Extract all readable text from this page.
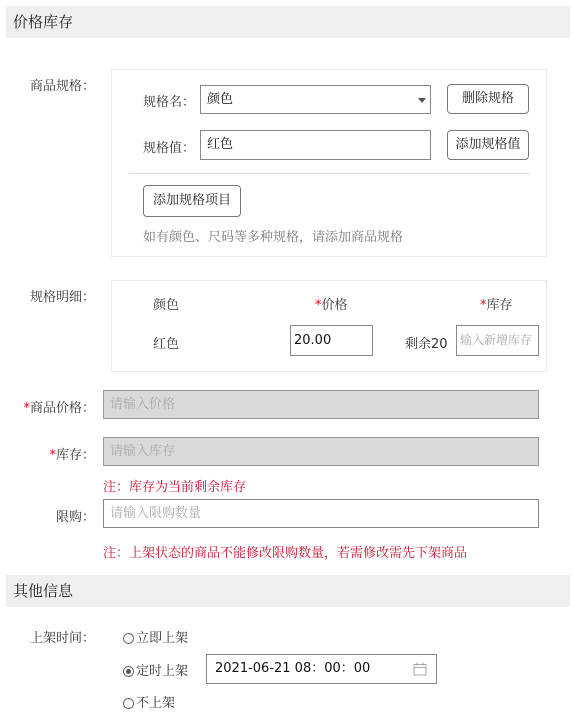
价格库存
商品规格：
规格名： 颜色	删除规格
规格值： 红色	添加规格值
添加规格项目
如有颜色、尺码等多种规格，请添加商品规格
规格明细：
颜色	*价格	*库存
红色	20.00	剩余20	输入新增库存
*商品价格：	请输入价格
*库存：	请输入库存
注：库存为当前剩余库存
限购：	请输入限购数量
注：上架状态的商品不能修改限购数量，若需修改需先下架商品
其他信息
上架时间：	立即上架
定时上架	2021-06-21 08：00：00
不上架
